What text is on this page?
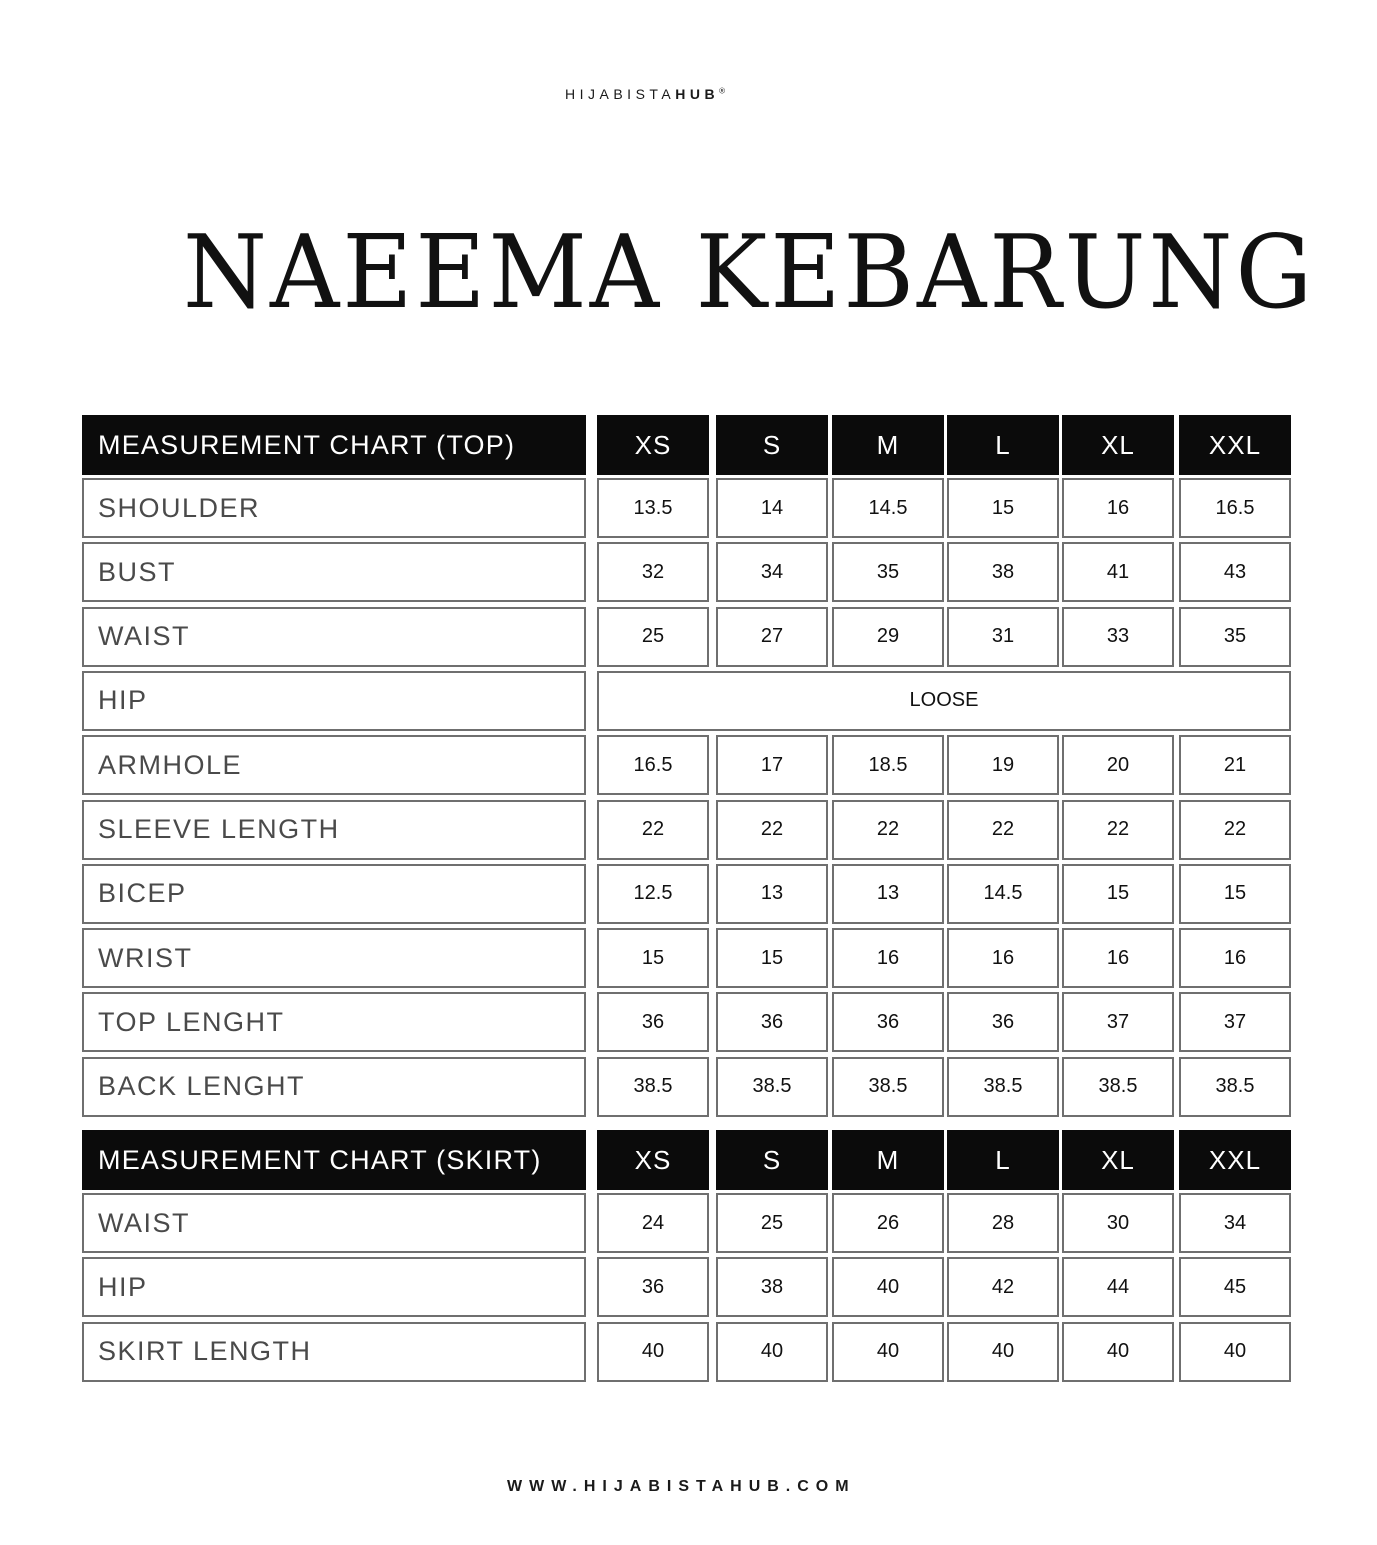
HIJABISTAHUB®
NAEEMA KEBARUNG
MEASUREMENT CHART (TOP)	XS	S	M	L	XL	XXL
SHOULDER	13.5	14	14.5	15	16	16.5
BUST	32	34	35	38	41	43
WAIST	25	27	29	31	33	35
HIP	LOOSE
ARMHOLE	16.5	17	18.5	19	20	21
SLEEVE LENGTH	22	22	22	22	22	22
BICEP	12.5	13	13	14.5	15	15
WRIST	15	15	16	16	16	16
TOP LENGHT	36	36	36	36	37	37
BACK LENGHT	38.5	38.5	38.5	38.5	38.5	38.5
MEASUREMENT CHART (SKIRT)	XS	S	M	L	XL	XXL
WAIST	24	25	26	28	30	34
HIP	36	38	40	42	44	45
SKIRT LENGTH	40	40	40	40	40	40
WWW.HIJABISTAHUB.COM
